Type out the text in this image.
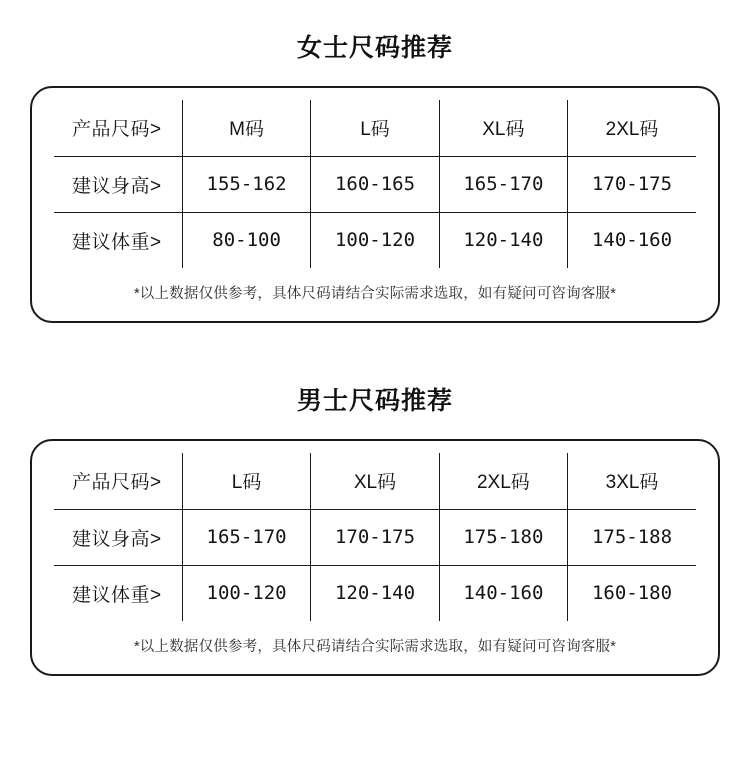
女士尺码推荐
产品尺码>	M码	L码	XL码	2XL码
建议身高>	155-162	160-165	165-170	170-175
建议体重>	80-100	100-120	120-140	140-160
*以上数据仅供参考，具体尺码请结合实际需求选取，如有疑问可咨询客服*
男士尺码推荐
产品尺码>	L码	XL码	2XL码	3XL码
建议身高>	165-170	170-175	175-180	175-188
建议体重>	100-120	120-140	140-160	160-180
*以上数据仅供参考，具体尺码请结合实际需求选取，如有疑问可咨询客服*
